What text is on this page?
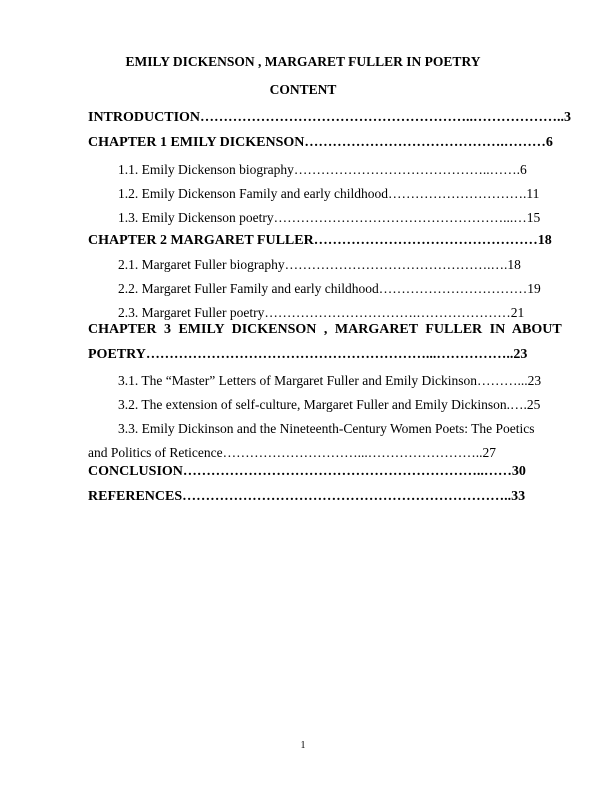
EMILY DICKENSON , MARGARET FULLER IN POETRY
CONTENT
INTRODUCTION…………………………………………………..………………..3
CHAPTER 1 EMILY DICKENSON…………………………………….………6
1.1. Emily Dickenson biography……………………………………..…….6
1.2. Emily Dickenson Family and early childhood………………………….11
1.3. Emily Dickenson poetry……………………………………………...…15
CHAPTER 2 MARGARET FULLER…………………………………………18
2.1. Margaret Fuller biography……………………………………….….18
2.2. Margaret Fuller Family and early childhood……………………………19
2.3. Margaret Fuller poetry…………………………….…………………21
CHAPTER 3 EMILY DICKENSON , MARGARET FULLER IN ABOUT
POETRY……………………………………………………...……………..23
3.1. The “Master” Letters of Margaret Fuller and Emily Dickinson………...23
3.2. The extension of self-culture, Margaret Fuller and Emily Dickinson.….25
3.3. Emily Dickinson and the Nineteenth-Century Women Poets: The Poetics
and Politics of Reticence…………………………...……………………..27
CONCLUSION………………………………………………………..……30
REFERENCES……………………………………………………………..33
1
